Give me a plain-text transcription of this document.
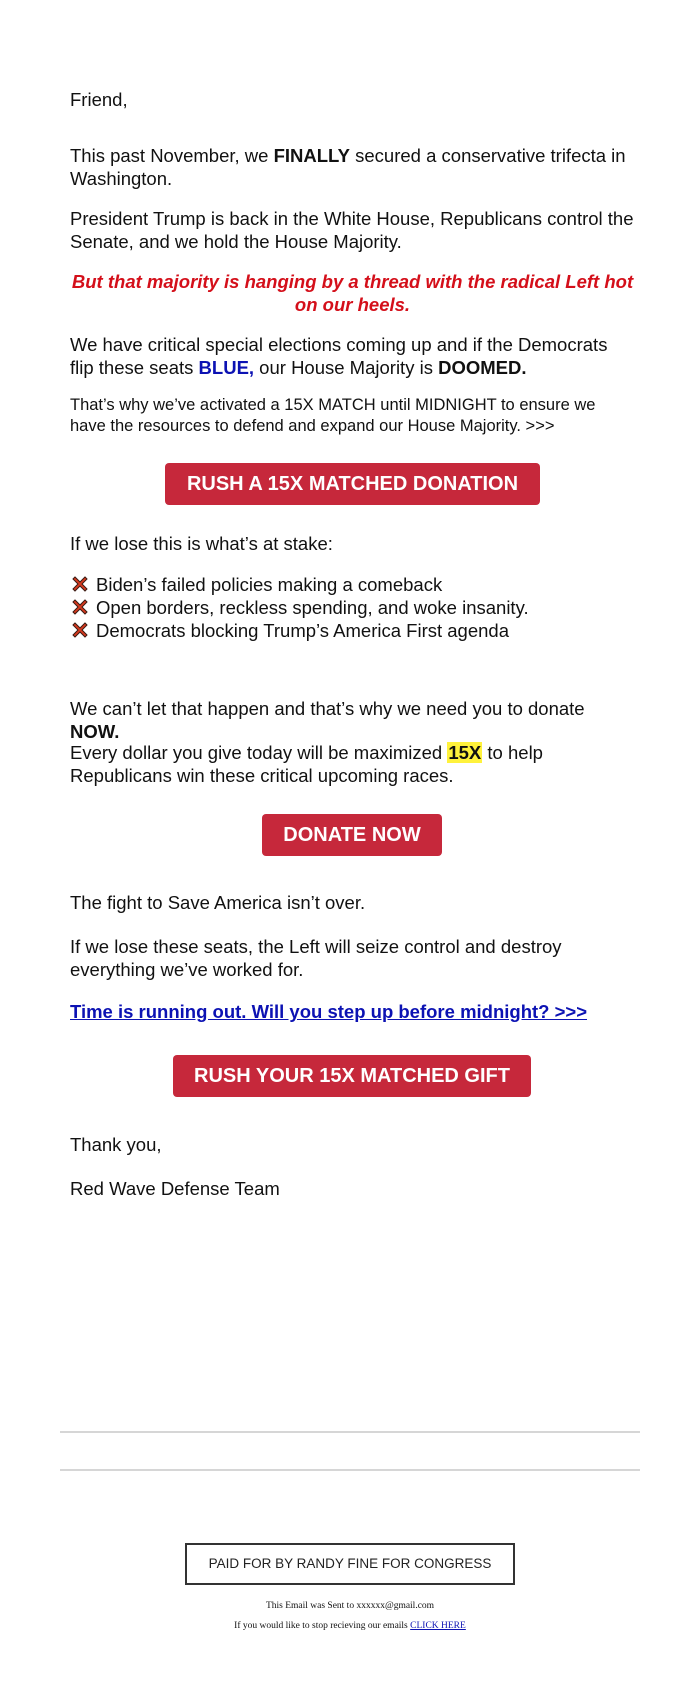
Friend,

This past November, we FINALLY secured a conservative trifecta in Washington.

President Trump is back in the White House, Republicans control the Senate, and we hold the House Majority.

But that majority is hanging by a thread with the radical Left hot on our heels.

We have critical special elections coming up and if the Democrats flip these seats BLUE, our House Majority is DOOMED.

That’s why we’ve activated a 15X MATCH until MIDNIGHT to ensure we have the resources to defend and expand our House Majority. >>>

RUSH A 15X MATCHED DONATION

If we lose this is what’s at stake:

Biden’s failed policies making a comeback
Open borders, reckless spending, and woke insanity.
Democrats blocking Trump’s America First agenda

We can’t let that happen and that’s why we need you to donate NOW.

Every dollar you give today will be maximized 15X to help Republicans win these critical upcoming races.

DONATE NOW

The fight to Save America isn’t over.

If we lose these seats, the Left will seize control and destroy everything we’ve worked for.

Time is running out. Will you step up before midnight? >>>

RUSH YOUR 15X MATCHED GIFT

Thank you,

Red Wave Defense Team

PAID FOR BY RANDY FINE FOR CONGRESS
This Email was Sent to xxxxxx@gmail.com
If you would like to stop recieving our emails CLICK HERE
